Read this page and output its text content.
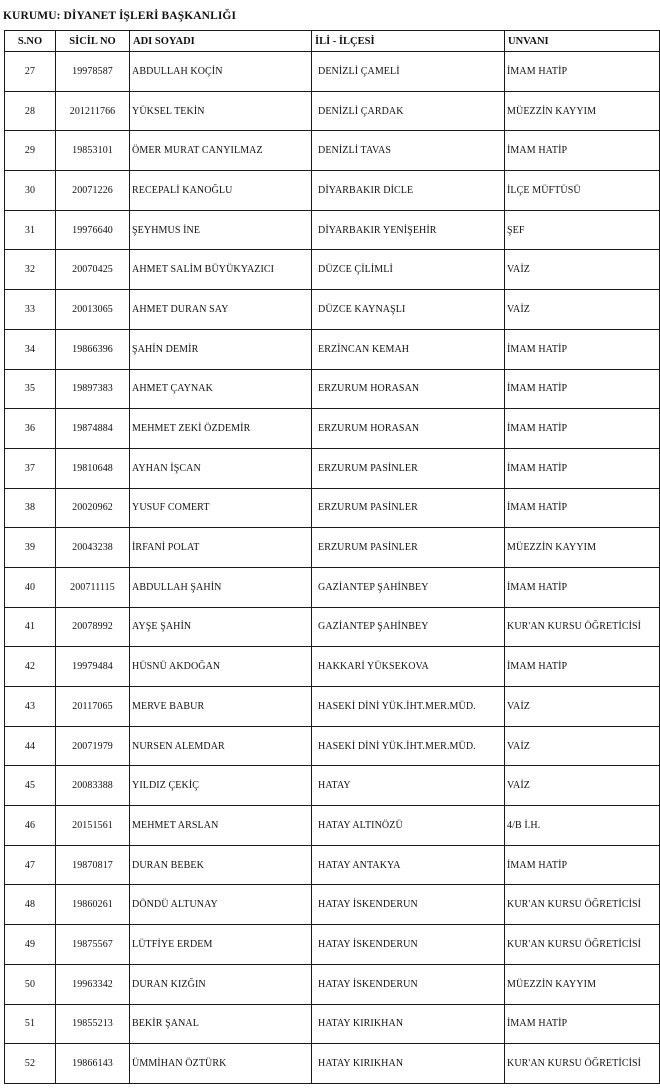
KURUMU: DİYANET İŞLERİ BAŞKANLIĞI
S.NO	SİCİL NO	ADI SOYADI	İLİ - İLÇESİ	UNVANI
27	19978587	ABDULLAH KOÇİN	DENİZLİ ÇAMELİ	İMAM HATİP
28	201211766	YÜKSEL TEKİN	DENİZLİ ÇARDAK	MÜEZZİN KAYYIM
29	19853101	ÖMER MURAT CANYILMAZ	DENİZLİ TAVAS	İMAM HATİP
30	20071226	RECEPALİ KANOĞLU	DİYARBAKIR DİCLE	İLÇE MÜFTÜSÜ
31	19976640	ŞEYHMUS İNE	DİYARBAKIR YENİŞEHİR	ŞEF
32	20070425	AHMET SALİM BÜYÜKYAZICI	DÜZCE ÇİLİMLİ	VAİZ
33	20013065	AHMET DURAN SAY	DÜZCE KAYNAŞLI	VAİZ
34	19866396	ŞAHİN DEMİR	ERZİNCAN KEMAH	İMAM HATİP
35	19897383	AHMET ÇAYNAK	ERZURUM HORASAN	İMAM HATİP
36	19874884	MEHMET ZEKİ ÖZDEMİR	ERZURUM HORASAN	İMAM HATİP
37	19810648	AYHAN İŞCAN	ERZURUM PASİNLER	İMAM HATİP
38	20020962	YUSUF COMERT	ERZURUM PASİNLER	İMAM HATİP
39	20043238	İRFANİ POLAT	ERZURUM PASİNLER	MÜEZZİN KAYYIM
40	200711115	ABDULLAH ŞAHİN	GAZİANTEP ŞAHİNBEY	İMAM HATİP
41	20078992	AYŞE ŞAHİN	GAZİANTEP ŞAHİNBEY	KUR'AN KURSU ÖĞRETİCİSİ
42	19979484	HÜSNÜ AKDOĞAN	HAKKARİ YÜKSEKOVA	İMAM HATİP
43	20117065	MERVE BABUR	HASEKİ DİNİ YÜK.İHT.MER.MÜD.	VAİZ
44	20071979	NURSEN ALEMDAR	HASEKİ DİNİ YÜK.İHT.MER.MÜD.	VAİZ
45	20083388	YILDIZ ÇEKİÇ	HATAY	VAİZ
46	20151561	MEHMET ARSLAN	HATAY ALTINÖZÜ	4/B İ.H.
47	19870817	DURAN BEBEK	HATAY ANTAKYA	İMAM HATİP
48	19860261	DÖNDÜ ALTUNAY	HATAY İSKENDERUN	KUR'AN KURSU ÖĞRETİCİSİ
49	19875567	LÜTFİYE ERDEM	HATAY İSKENDERUN	KUR'AN KURSU ÖĞRETİCİSİ
50	19963342	DURAN KIZĞIN	HATAY İSKENDERUN	MÜEZZİN KAYYIM
51	19855213	BEKİR ŞANAL	HATAY KIRIKHAN	İMAM HATİP
52	19866143	ÜMMİHAN ÖZTÜRK	HATAY KIRIKHAN	KUR'AN KURSU ÖĞRETİCİSİ
